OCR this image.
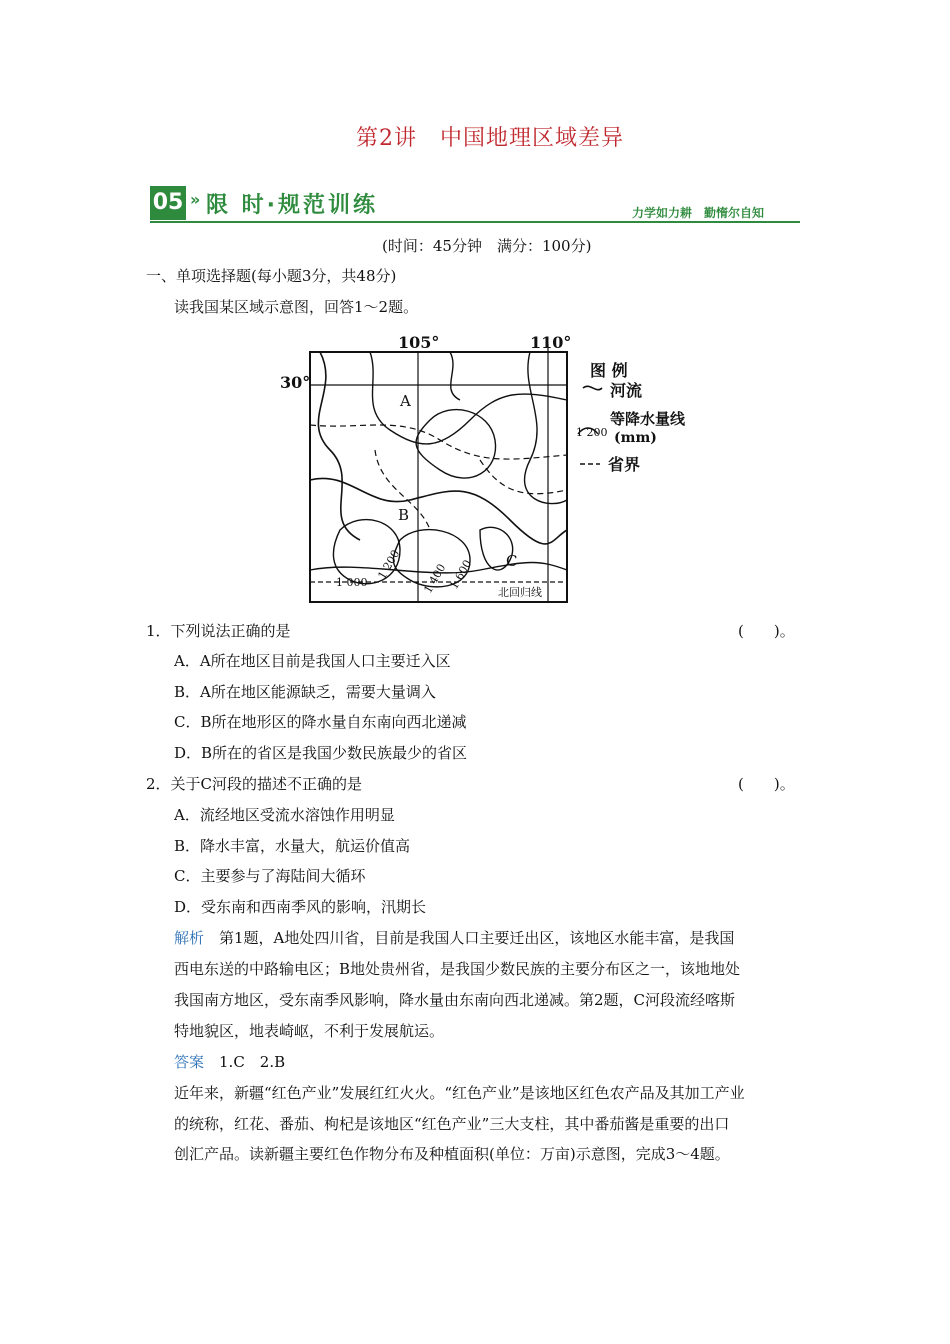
第2讲　中国地理区域差异
05 » 限 时·规范训练	力学如力耕　勤惰尔自知
(时间：45分钟　满分：100分)
一、单项选择题(每小题3分，共48分)
读我国某区域示意图，回答1～2题。
105°	110°
30°
A
B
C
1 000
1 200 1 400
1 600
北回归线
图 例
河流
1 200
等降水量线
(mm)
省界
1．下列说法正确的是	(　　)。
A．A所在地区目前是我国人口主要迁入区
B．A所在地区能源缺乏，需要大量调入
C．B所在地形区的降水量自东南向西北递减
D．B所在的省区是我国少数民族最少的省区
2．关于C河段的描述不正确的是	(　　)。
A．流经地区受流水溶蚀作用明显
B．降水丰富，水量大，航运价值高
C．主要参与了海陆间大循环
D．受东南和西南季风的影响，汛期长
解析　第1题，A地处四川省，目前是我国人口主要迁出区，该地区水能丰富，是我国
西电东送的中路输电区；B地处贵州省，是我国少数民族的主要分布区之一，该地地处
我国南方地区，受东南季风影响，降水量由东南向西北递减。第2题，C河段流经喀斯
特地貌区，地表崎岖，不利于发展航运。
答案　1.C　2.B
近年来，新疆“红色产业”发展红红火火。“红色产业”是该地区红色农产品及其加工产业
的统称，红花、番茄、枸杞是该地区“红色产业”三大支柱，其中番茄酱是重要的出口
创汇产品。读新疆主要红色作物分布及种植面积(单位：万亩)示意图，完成3～4题。
